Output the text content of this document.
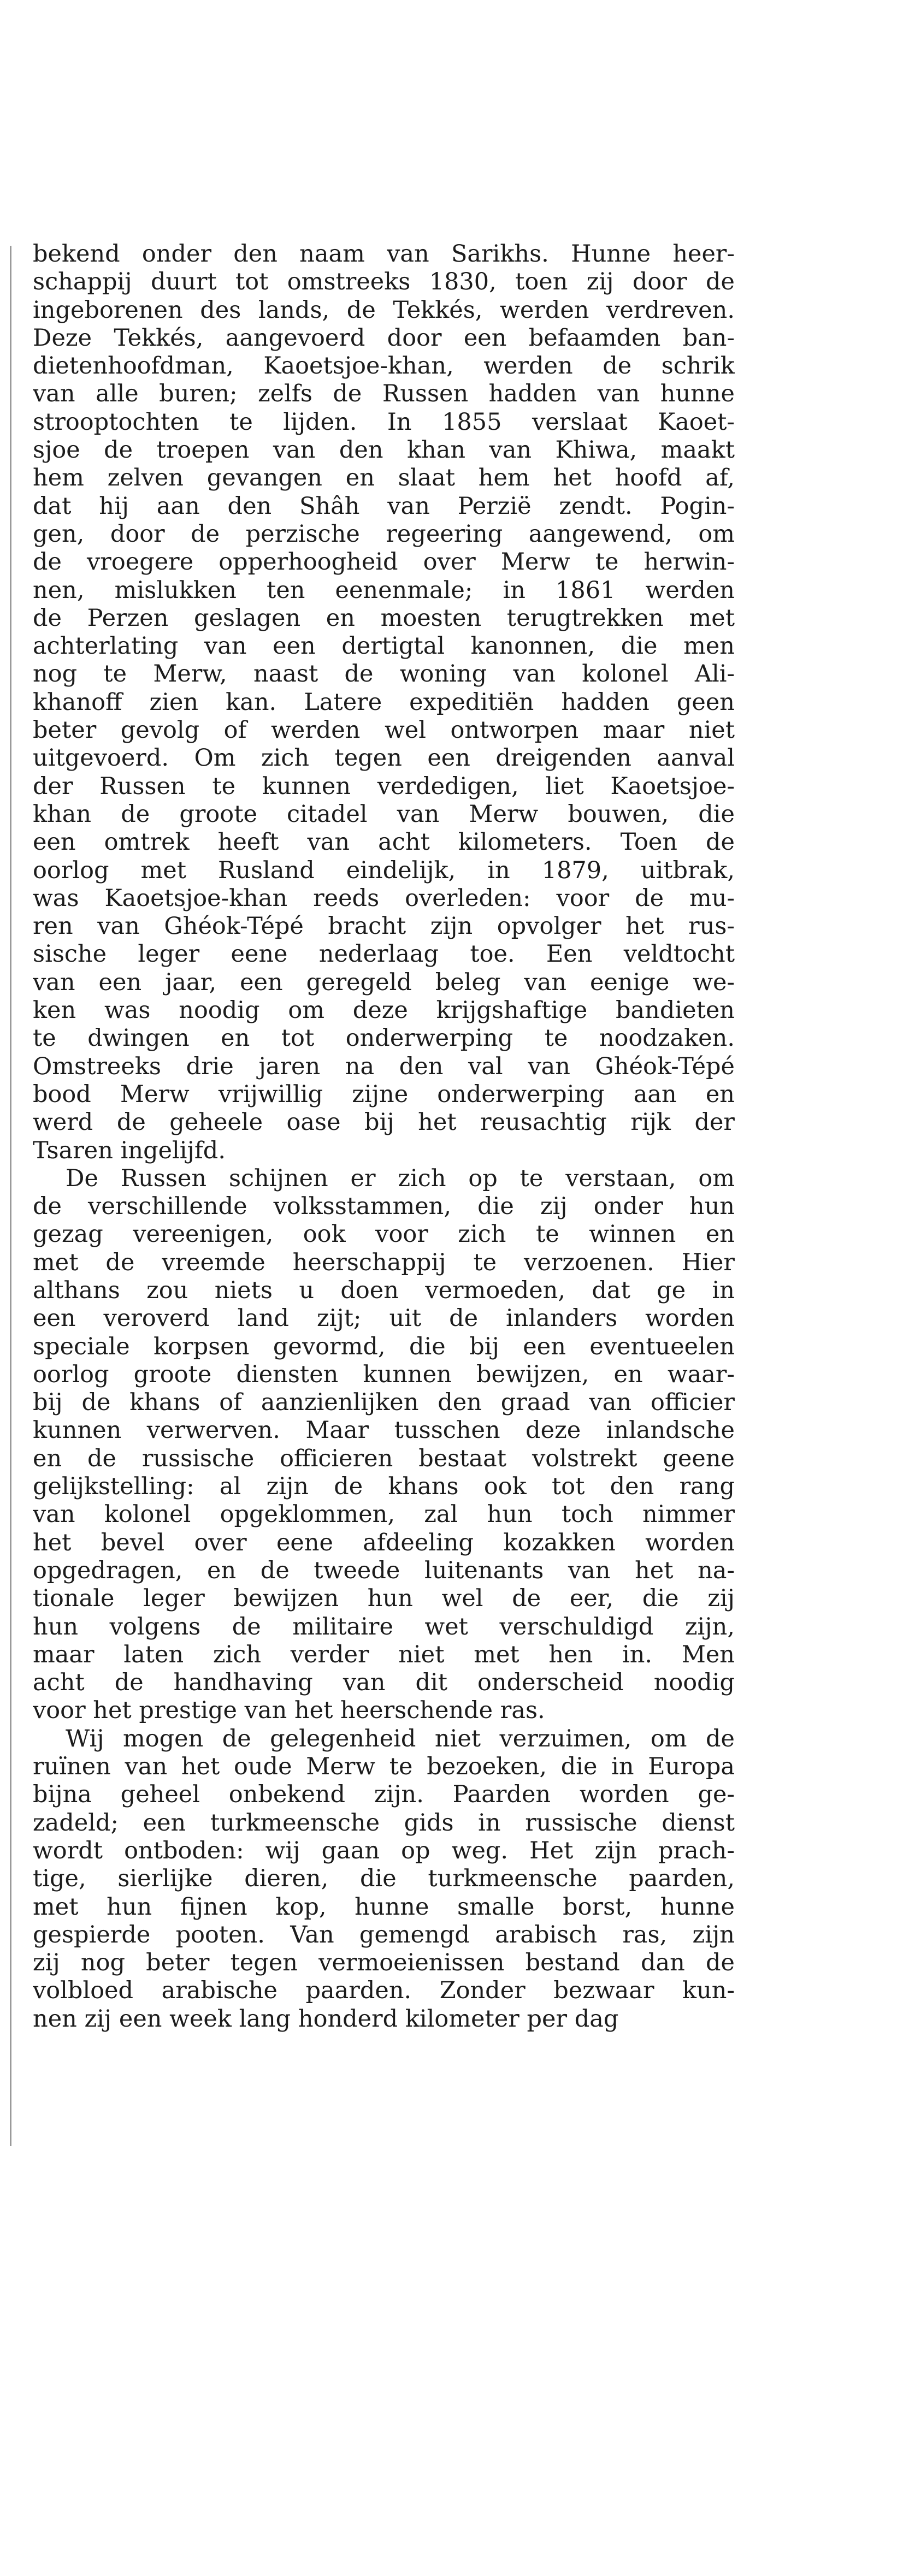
bekend onder den naam van Sarikhs. Hunne heer-
schappij duurt tot omstreeks 1830, toen zij door de
ingeborenen des lands, de Tekkés, werden verdreven.
Deze Tekkés, aangevoerd door een befaamden ban-
dietenhoofdman, Kaoetsjoe-khan, werden de schrik
van alle buren; zelfs de Russen hadden van hunne
strooptochten te lijden. In 1855 verslaat Kaoet-
sjoe de troepen van den khan van Khiwa, maakt
hem zelven gevangen en slaat hem het hoofd af,
dat hij aan den Shâh van Perzië zendt. Pogin-
gen, door de perzische regeering aangewend, om
de vroegere opperhoogheid over Merw te herwin-
nen, mislukken ten eenenmale; in 1861 werden
de Perzen geslagen en moesten terugtrekken met
achterlating van een dertigtal kanonnen, die men
nog te Merw, naast de woning van kolonel Ali-
khanoff zien kan. Latere expeditiën hadden geen
beter gevolg of werden wel ontworpen maar niet
uitgevoerd. Om zich tegen een dreigenden aanval
der Russen te kunnen verdedigen, liet Kaoetsjoe-
khan de groote citadel van Merw bouwen, die
een omtrek heeft van acht kilometers. Toen de
oorlog met Rusland eindelijk, in 1879, uitbrak,
was Kaoetsjoe-khan reeds overleden: voor de mu-
ren van Ghéok-Tépé bracht zijn opvolger het rus-
sische leger eene nederlaag toe. Een veldtocht
van een jaar, een geregeld beleg van eenige we-
ken was noodig om deze krijgshaftige bandieten
te dwingen en tot onderwerping te noodzaken.
Omstreeks drie jaren na den val van Ghéok-Tépé
bood Merw vrijwillig zijne onderwerping aan en
werd de geheele oase bij het reusachtig rijk der
Tsaren ingelijfd.
De Russen schijnen er zich op te verstaan, om
de verschillende volksstammen, die zij onder hun
gezag vereenigen, ook voor zich te winnen en
met de vreemde heerschappij te verzoenen. Hier
althans zou niets u doen vermoeden, dat ge in
een veroverd land zijt; uit de inlanders worden
speciale korpsen gevormd, die bij een eventueelen
oorlog groote diensten kunnen bewijzen, en waar-
bij de khans of aanzienlijken den graad van officier
kunnen verwerven. Maar tusschen deze inlandsche
en de russische officieren bestaat volstrekt geene
gelijkstelling: al zijn de khans ook tot den rang
van kolonel opgeklommen, zal hun toch nimmer
het bevel over eene afdeeling kozakken worden
opgedragen, en de tweede luitenants van het na-
tionale leger bewijzen hun wel de eer, die zij
hun volgens de militaire wet verschuldigd zijn,
maar laten zich verder niet met hen in. Men
acht de handhaving van dit onderscheid noodig
voor het prestige van het heerschende ras.
Wij mogen de gelegenheid niet verzuimen, om de
ruïnen van het oude Merw te bezoeken, die in Europa
bijna geheel onbekend zijn. Paarden worden ge-
zadeld; een turkmeensche gids in russische dienst
wordt ontboden: wij gaan op weg. Het zijn prach-
tige, sierlijke dieren, die turkmeensche paarden,
met hun fijnen kop, hunne smalle borst, hunne
gespierde pooten. Van gemengd arabisch ras, zijn
zij nog beter tegen vermoeienissen bestand dan de
volbloed arabische paarden. Zonder bezwaar kun-
nen zij een week lang honderd kilometer per dag
